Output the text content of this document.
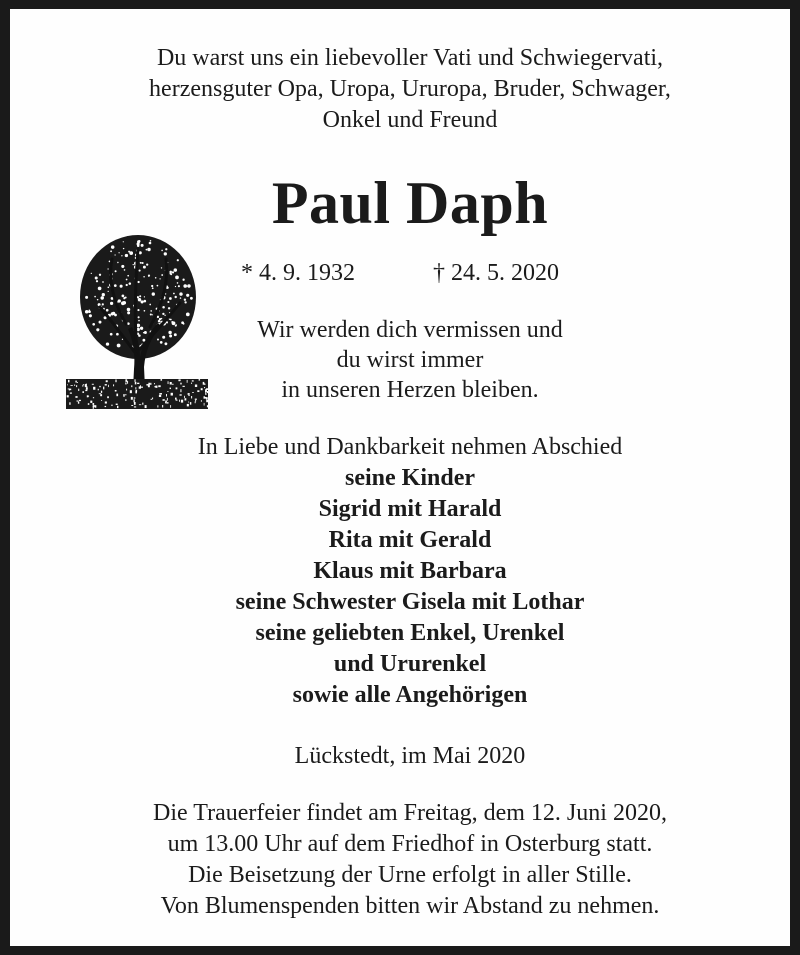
Du warst uns ein liebevoller Vati und Schwiegervati,
herzensguter Opa, Uropa, Ururopa, Bruder, Schwager,
Onkel und Freund
Paul Daph
* 4. 9. 1932	† 24. 5. 2020
Wir werden dich vermissen und
du wirst immer
in unseren Herzen bleiben.
In Liebe und Dankbarkeit nehmen Abschied
seine Kinder
Sigrid mit Harald
Rita mit Gerald
Klaus mit Barbara
seine Schwester Gisela mit Lothar
seine geliebten Enkel, Urenkel
und Ururenkel
sowie alle Angehörigen
Lückstedt, im Mai 2020
Die Trauerfeier findet am Freitag, dem 12. Juni 2020,
um 13.00 Uhr auf dem Friedhof in Osterburg statt.
Die Beisetzung der Urne erfolgt in aller Stille.
Von Blumenspenden bitten wir Abstand zu nehmen.
